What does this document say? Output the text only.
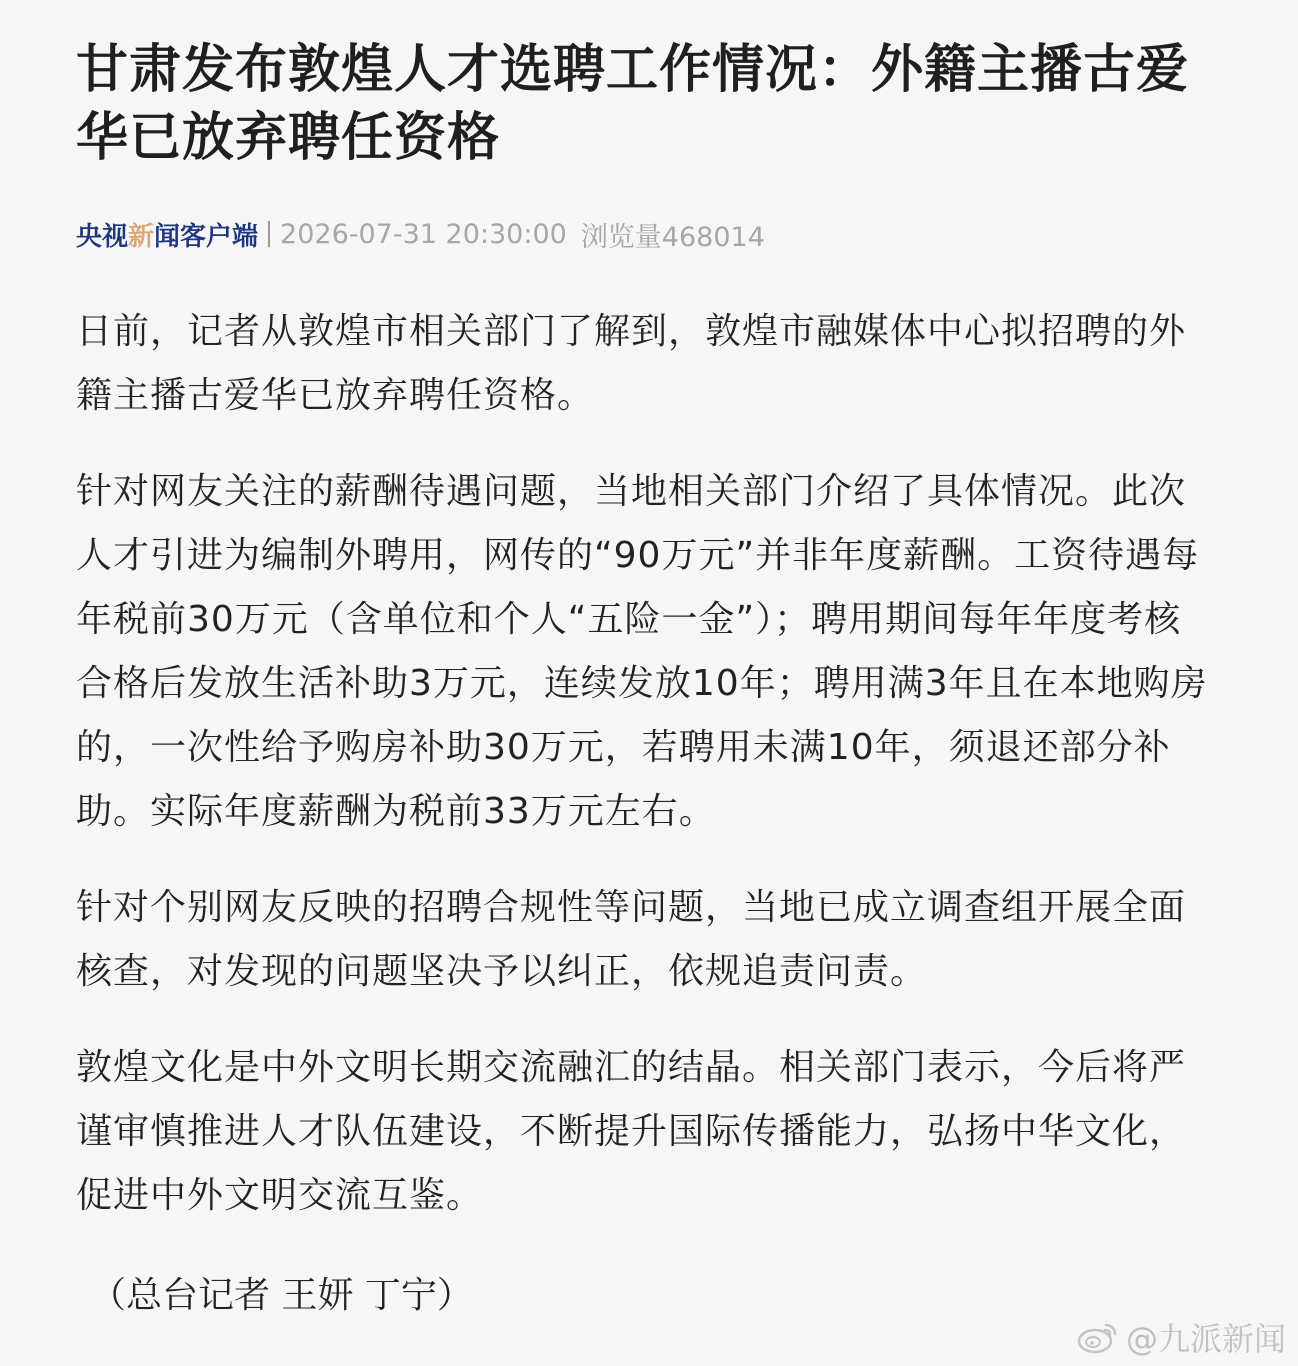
甘肃发布敦煌人才选聘工作情况：外籍主播古爱华已放弃聘任资格
央视 新 闻客户端 2026-07-31 20:30:00 浏览量468014

日前，记者从敦煌市相关部门了解到，敦煌市融媒体中心拟招聘的外籍主播古爱华已放弃聘任资格。

针对网友关注的薪酬待遇问题，当地相关部门介绍了具体情况。此次人才引进为编制外聘用，网传的“90万元”并非年度薪酬。工资待遇每年税前30万元（含单位和个人“五险一金”）；聘用期间每年年度考核合格后发放生活补助3万元，连续发放10年；聘用满3年且在本地购房的，一次性给予购房补助30万元，若聘用未满10年，须退还部分补助。实际年度薪酬为税前33万元左右。

针对个别网友反映的招聘合规性等问题，当地已成立调查组开展全面核查，对发现的问题坚决予以纠正，依规追责问责。

敦煌文化是中外文明长期交流融汇的结晶。相关部门表示，今后将严谨审慎推进人才队伍建设，不断提升国际传播能力，弘扬中华文化，促进中外文明交流互鉴。

（总台记者 王妍 丁宁）
@九派新闻
